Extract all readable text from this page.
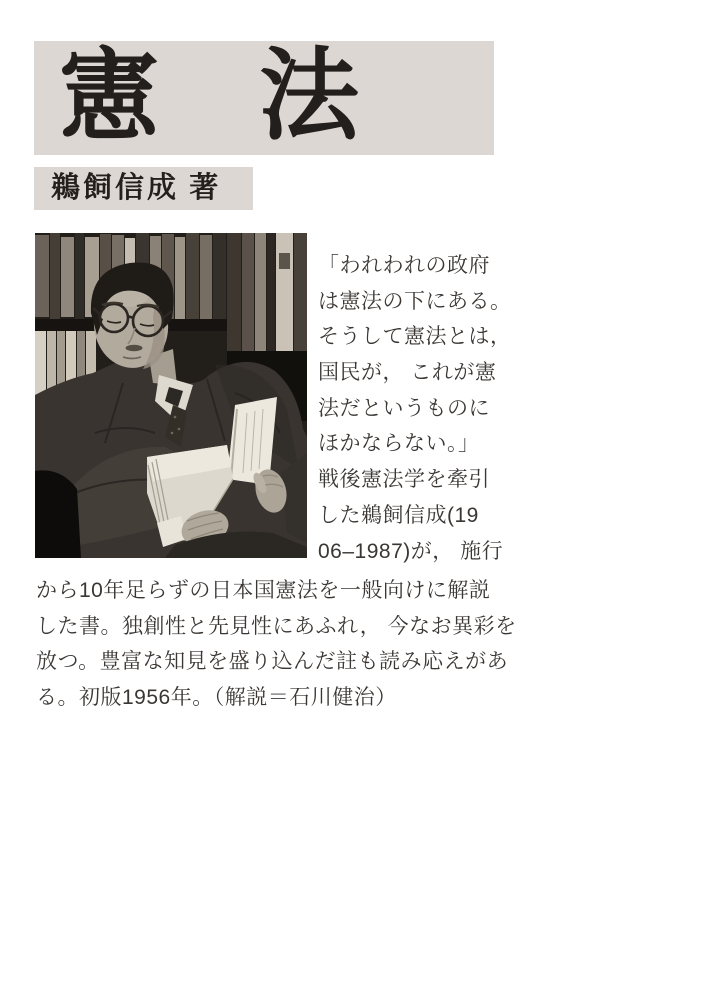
憲　法
鵜飼信成 著
「われわれの政府
は憲法の下にある。
そうして憲法とは，
国民が， これが憲
法だというものに
ほかならない。」
戦後憲法学を牽引
した鵜飼信成(19
06–1987)が， 施行
から10年足らずの日本国憲法を一般向けに解説
した書。独創性と先見性にあふれ， 今なお異彩を
放つ。豊富な知見を盛り込んだ註も読み応えがあ
る。初版1956年。（解説＝石川健治）
